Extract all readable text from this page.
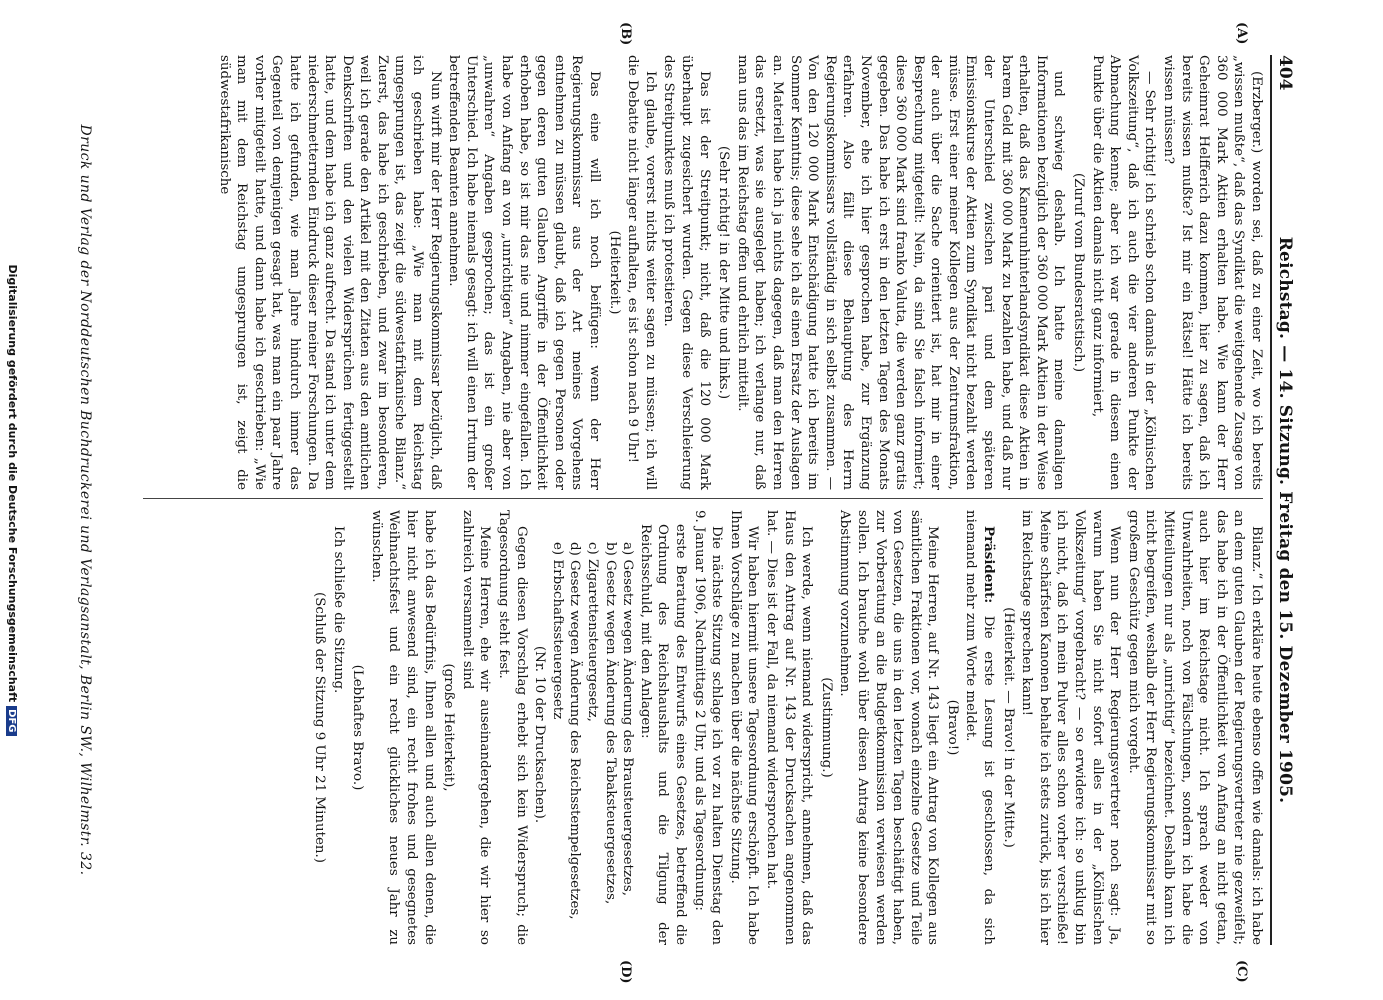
404
Reichstag. — 14. Sitzung. Freitag den 15. Dezember 1905.
(A)
(B)
(C)
(D)

(Erzberger.) worden sei, daß zu einer Zeit, wo ich bereits „wissen mußte“, daß das Syndikat die weitgehende Zusage von 360 000 Mark Aktien erhalten habe. Wie kann der Herr Geheimrat Helfferich dazu kommen, hier zu sagen, daß ich bereits wissen mußte? Ist mir ein Rätsel! Hätte ich bereits wissen müssen?

— Sehr richtig! ich schrieb schon damals in der „Kölnischen Volkszeitung“, daß ich auch die vier anderen Punkte der Abmachung kenne; aber ich war gerade in diesem einen Punkte über die Aktien damals nicht ganz informiert,

(Zuruf vom Bundesratstisch.)

und schwieg deshalb. Ich hatte meine damaligen Informationen bezüglich der 360 000 Mark Aktien in der Weise erhalten, daß das Kamerunhinterlandsyndikat diese Aktien in barem Geld mit 360 000 Mark zu bezahlen habe, und daß nur der Unterschied zwischen pari und dem späteren Emissionskurse der Aktien zum Syndikat nicht bezahlt werden müsse. Erst einer meiner Kollegen aus der Zentrumsfraktion, der auch über die Sache orientiert ist, hat mir in einer Besprechung mitgeteilt: Nein, da sind Sie falsch informiert; diese 360 000 Mark sind franko Valuta, die werden ganz gratis gegeben. Das habe ich erst in den letzten Tagen des Monats November, ehe ich hier gesprochen habe, zur Ergänzung erfahren. Also fällt diese Behauptung des Herrn Regierungskommissars vollständig in sich selbst zusammen. — Von den 120 000 Mark Entschädigung hatte ich bereits im Sommer Kenntnis; diese sehe ich als einen Ersatz der Auslagen an. Materiell habe ich ja nichts dagegen, daß man den Herren das ersetzt, was sie ausgelegt haben; ich verlange nur, daß man uns das im Reichstag offen und ehrlich mitteilt.

(Sehr richtig! in der Mitte und links.)

Das ist der Streitpunkt; nicht, daß die 120 000 Mark überhaupt zugesichert wurden. Gegen diese Verschleierung des Streitpunktes muß ich protestieren.

Ich glaube, vorerst nichts weiter sagen zu müssen; ich will die Debatte nicht länger aufhalten, es ist schon nach 9 Uhr!

(Heiterkeit.)

Das eine will ich noch beifügen: wenn der Herr Regierungskommissar aus der Art meines Vorgehens entnehmen zu müssen glaubt, daß ich gegen Personen oder gegen deren guten Glauben Angriffe in der Öffentlichkeit erhoben habe, so ist mir das nie und nimmer eingefallen. Ich habe von Anfang an von „unrichtigen“ Angaben, nie aber von „unwahren“ Angaben gesprochen; das ist ein großer Unterschied. Ich habe niemals gesagt: ich will einen Irrtum der betreffenden Beamten annehmen.

Nun wirft mir der Herr Regierungskommissar bezüglich, daß ich geschrieben habe: „Wie man mit dem Reichstag umgesprungen ist, das zeigt die südwestafrikanische Bilanz.“ Zuerst, das habe ich geschrieben, und zwar im besonderen, weil ich gerade den Artikel mit den Zitaten aus den amtlichen Denkschriften und den vielen Widersprüchen fertiggestellt hatte, und dem habe ich ganz aufrecht. Da stand ich unter dem niederschmetternden Eindruck dieser meiner Forschungen. Da hatte ich gefunden, wie man Jahre hindurch immer das Gegenteil von demjenigen gesagt hat, was man ein paar Jahre vorher mitgeteilt hatte, und dann habe ich geschrieben: „Wie man mit dem Reichstag umgesprungen ist, zeigt die südwestafrikanische

Bilanz.“ Ich erkläre heute ebenso offen wie damals: ich habe an dem guten Glauben der Regierungsvertreter nie gezweifelt; das habe ich in der Öffentlichkeit von Anfang an nicht getan, auch hier im Reichstage nicht. Ich sprach weder von Unwahrheiten, noch von Fälschungen, sondern ich habe die Mitteilungen nur als „unrichtig“ bezeichnet. Deshalb kann ich nicht begreifen, weshalb der Herr Regierungskommissar mit so großem Geschütz gegen mich vorgeht.

Wenn nun der Herr Regierungsvertreter noch sagt: Ja, warum haben Sie nicht sofort alles in der „Kölnischen Volkszeitung“ vorgebracht? — so erwidere ich: so unklug bin ich nicht, daß ich mein Pulver alles schon vorher verschieße! Meine schärfsten Kanonen behalte ich stets zurück, bis ich hier im Reichstage sprechen kann!

(Heiterkeit. — Bravo! in der Mitte.)

Präsident: Die erste Lesung ist geschlossen, da sich niemand mehr zum Worte meldet.

(Bravo!)

Meine Herren, auf Nr. 143 liegt ein Antrag von Kollegen aus sämtlichen Fraktionen vor, wonach einzelne Gesetze und Teile von Gesetzen, die uns in den letzten Tagen beschäftigt haben, zur Vorberatung an die Budgetkommission verwiesen werden sollen. Ich brauche wohl über diesen Antrag keine besondere Abstimmung vorzunehmen.

(Zustimmung.)

Ich werde, wenn niemand widerspricht, annehmen, daß das Haus den Antrag auf Nr. 143 der Drucksachen angenommen hat. — Dies ist der Fall, da niemand widersprochen hat.

Wir haben hiermit unsere Tagesordnung erschöpft. Ich habe Ihnen Vorschläge zu machen über die nächste Sitzung.

Die nächste Sitzung schlage ich vor zu halten Dienstag den 9. Januar 1906, Nachmittags 2 Uhr, und als Tagesordnung:

erste Beratung des Entwurfs eines Gesetzes, betreffend die Ordnung des Reichshaushalts und die Tilgung der Reichsschuld, mit den Anlagen:

a) Gesetz wegen Änderung des Brausteuergesetzes,

b) Gesetz wegen Änderung des Tabaksteuergesetzes,

c) Zigarettensteuergesetz,

d) Gesetz wegen Änderung des Reichsstempelgesetzes,

e) Erbschaftssteuergesetz

(Nr. 10 der Drucksachen).

Gegen diesen Vorschlag erhebt sich kein Widerspruch; die Tagesordnung steht fest.

Meine Herren, ehe wir auseinandergehen, die wir hier so zahlreich versammelt sind

(große Heiterkeit),

habe ich das Bedürfnis, Ihnen allen und auch allen denen, die hier nicht anwesend sind, ein recht frohes und gesegnetes Weihnachtsfest und ein recht glückliches neues Jahr zu wünschen.

(Lebhaftes Bravo.)

Ich schließe die Sitzung.

(Schluß der Sitzung 9 Uhr 21 Minuten.)

Druck und Verlag der Norddeutschen Buchdruckerei und Verlagsanstalt, Berlin SW., Wilhelmstr. 32.
Digitalisierung gefördert durch die Deutsche ForschungsgemeinschaftDFG
